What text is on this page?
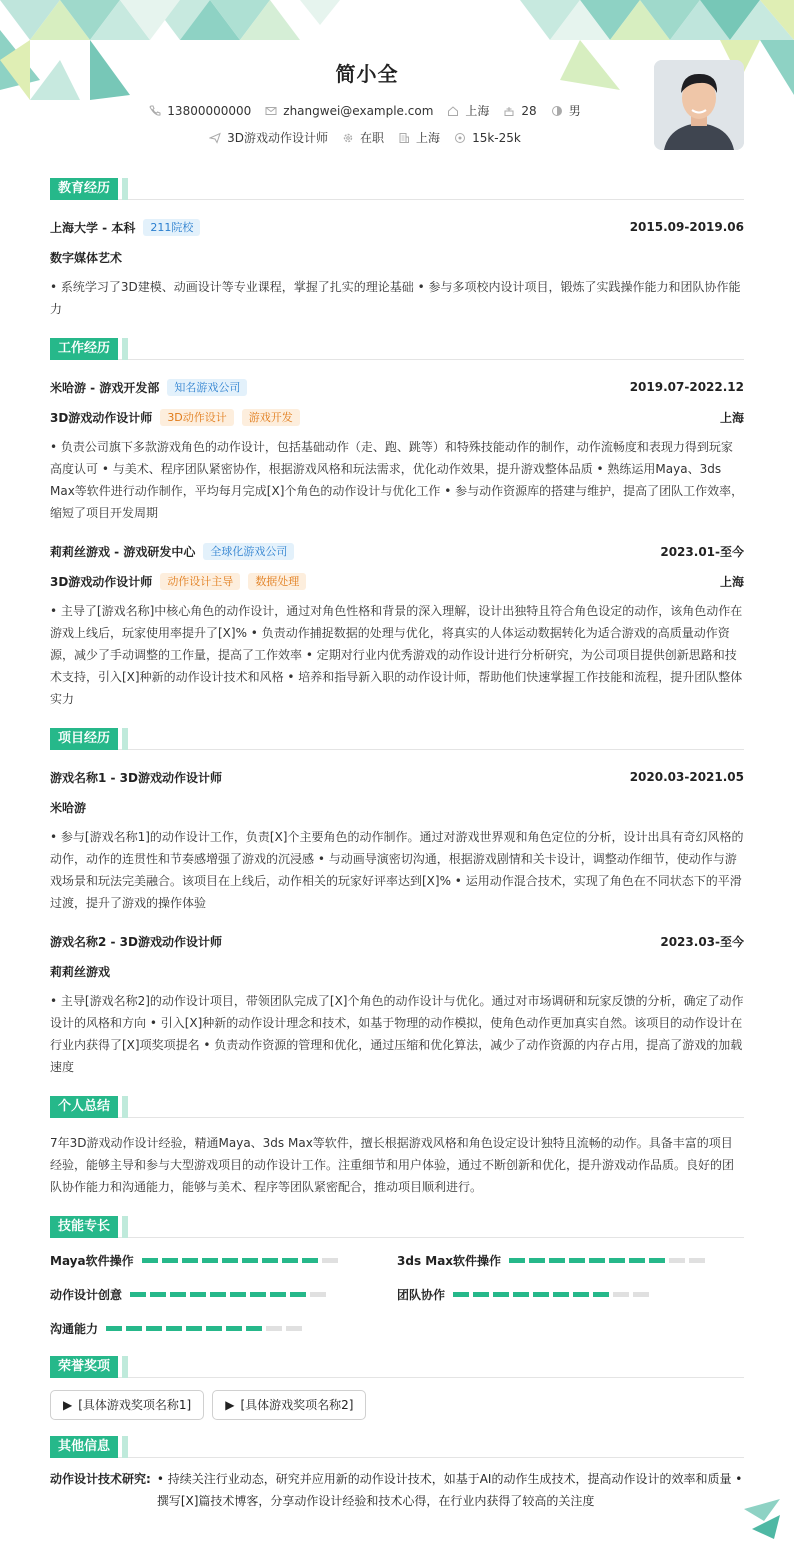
简小全
13800000000	zhangwei@example.com	上海	28	男
3D游戏动作设计师	在职	上海	15k-25k
教育经历
上海大学 - 本科	211院校	2015.09-2019.06
数字媒体艺术
• 系统学习了3D建模、动画设计等专业课程，掌握了扎实的理论基础 • 参与多项校内设计项目，锻炼了实践操作能力和团队协作能力
工作经历
米哈游 - 游戏开发部	知名游戏公司	2019.07-2022.12
3D游戏动作设计师	3D动作设计	游戏开发	上海
• 负责公司旗下多款游戏角色的动作设计，包括基础动作（走、跑、跳等）和特殊技能动作的制作，动作流畅度和表现力得到玩家高度认可 • 与美术、程序团队紧密协作，根据游戏风格和玩法需求，优化动作效果，提升游戏整体品质 • 熟练运用Maya、3ds Max等软件进行动作制作，平均每月完成[X]个角色的动作设计与优化工作 • 参与动作资源库的搭建与维护，提高了团队工作效率，缩短了项目开发周期
莉莉丝游戏 - 游戏研发中心	全球化游戏公司	2023.01-至今
3D游戏动作设计师	动作设计主导	数据处理	上海
• 主导了[游戏名称]中核心角色的动作设计，通过对角色性格和背景的深入理解，设计出独特且符合角色设定的动作，该角色动作在游戏上线后，玩家使用率提升了[X]% • 负责动作捕捉数据的处理与优化，将真实的人体运动数据转化为适合游戏的高质量动作资源，减少了手动调整的工作量，提高了工作效率 • 定期对行业内优秀游戏的动作设计进行分析研究，为公司项目提供创新思路和技术支持，引入[X]种新的动作设计技术和风格 • 培养和指导新入职的动作设计师，帮助他们快速掌握工作技能和流程，提升团队整体实力
项目经历
游戏名称1 - 3D游戏动作设计师	2020.03-2021.05
米哈游
• 参与[游戏名称1]的动作设计工作，负责[X]个主要角色的动作制作。通过对游戏世界观和角色定位的分析，设计出具有奇幻风格的动作，动作的连贯性和节奏感增强了游戏的沉浸感 • 与动画导演密切沟通，根据游戏剧情和关卡设计，调整动作细节，使动作与游戏场景和玩法完美融合。该项目在上线后，动作相关的玩家好评率达到[X]% • 运用动作混合技术，实现了角色在不同状态下的平滑过渡，提升了游戏的操作体验
游戏名称2 - 3D游戏动作设计师	2023.03-至今
莉莉丝游戏
• 主导[游戏名称2]的动作设计项目，带领团队完成了[X]个角色的动作设计与优化。通过对市场调研和玩家反馈的分析，确定了动作设计的风格和方向 • 引入[X]种新的动作设计理念和技术，如基于物理的动作模拟，使角色动作更加真实自然。该项目的动作设计在行业内获得了[X]项奖项提名 • 负责动作资源的管理和优化，通过压缩和优化算法，减少了动作资源的内存占用，提高了游戏的加载速度
个人总结
7年3D游戏动作设计经验，精通Maya、3ds Max等软件，擅长根据游戏风格和角色设定设计独特且流畅的动作。具备丰富的项目经验，能够主导和参与大型游戏项目的动作设计工作。注重细节和用户体验，通过不断创新和优化，提升游戏动作品质。良好的团队协作能力和沟通能力，能够与美术、程序等团队紧密配合，推动项目顺利进行。
技能专长
Maya软件操作	3ds Max软件操作
动作设计创意	团队协作
沟通能力
荣誉奖项
▶ [具体游戏奖项名称1]	▶ [具体游戏奖项名称2]
其他信息
动作设计技术研究: • 持续关注行业动态，研究并应用新的动作设计技术，如基于AI的动作生成技术，提高动作设计的效率和质量 • 撰写[X]篇技术博客，分享动作设计经验和技术心得，在行业内获得了较高的关注度
